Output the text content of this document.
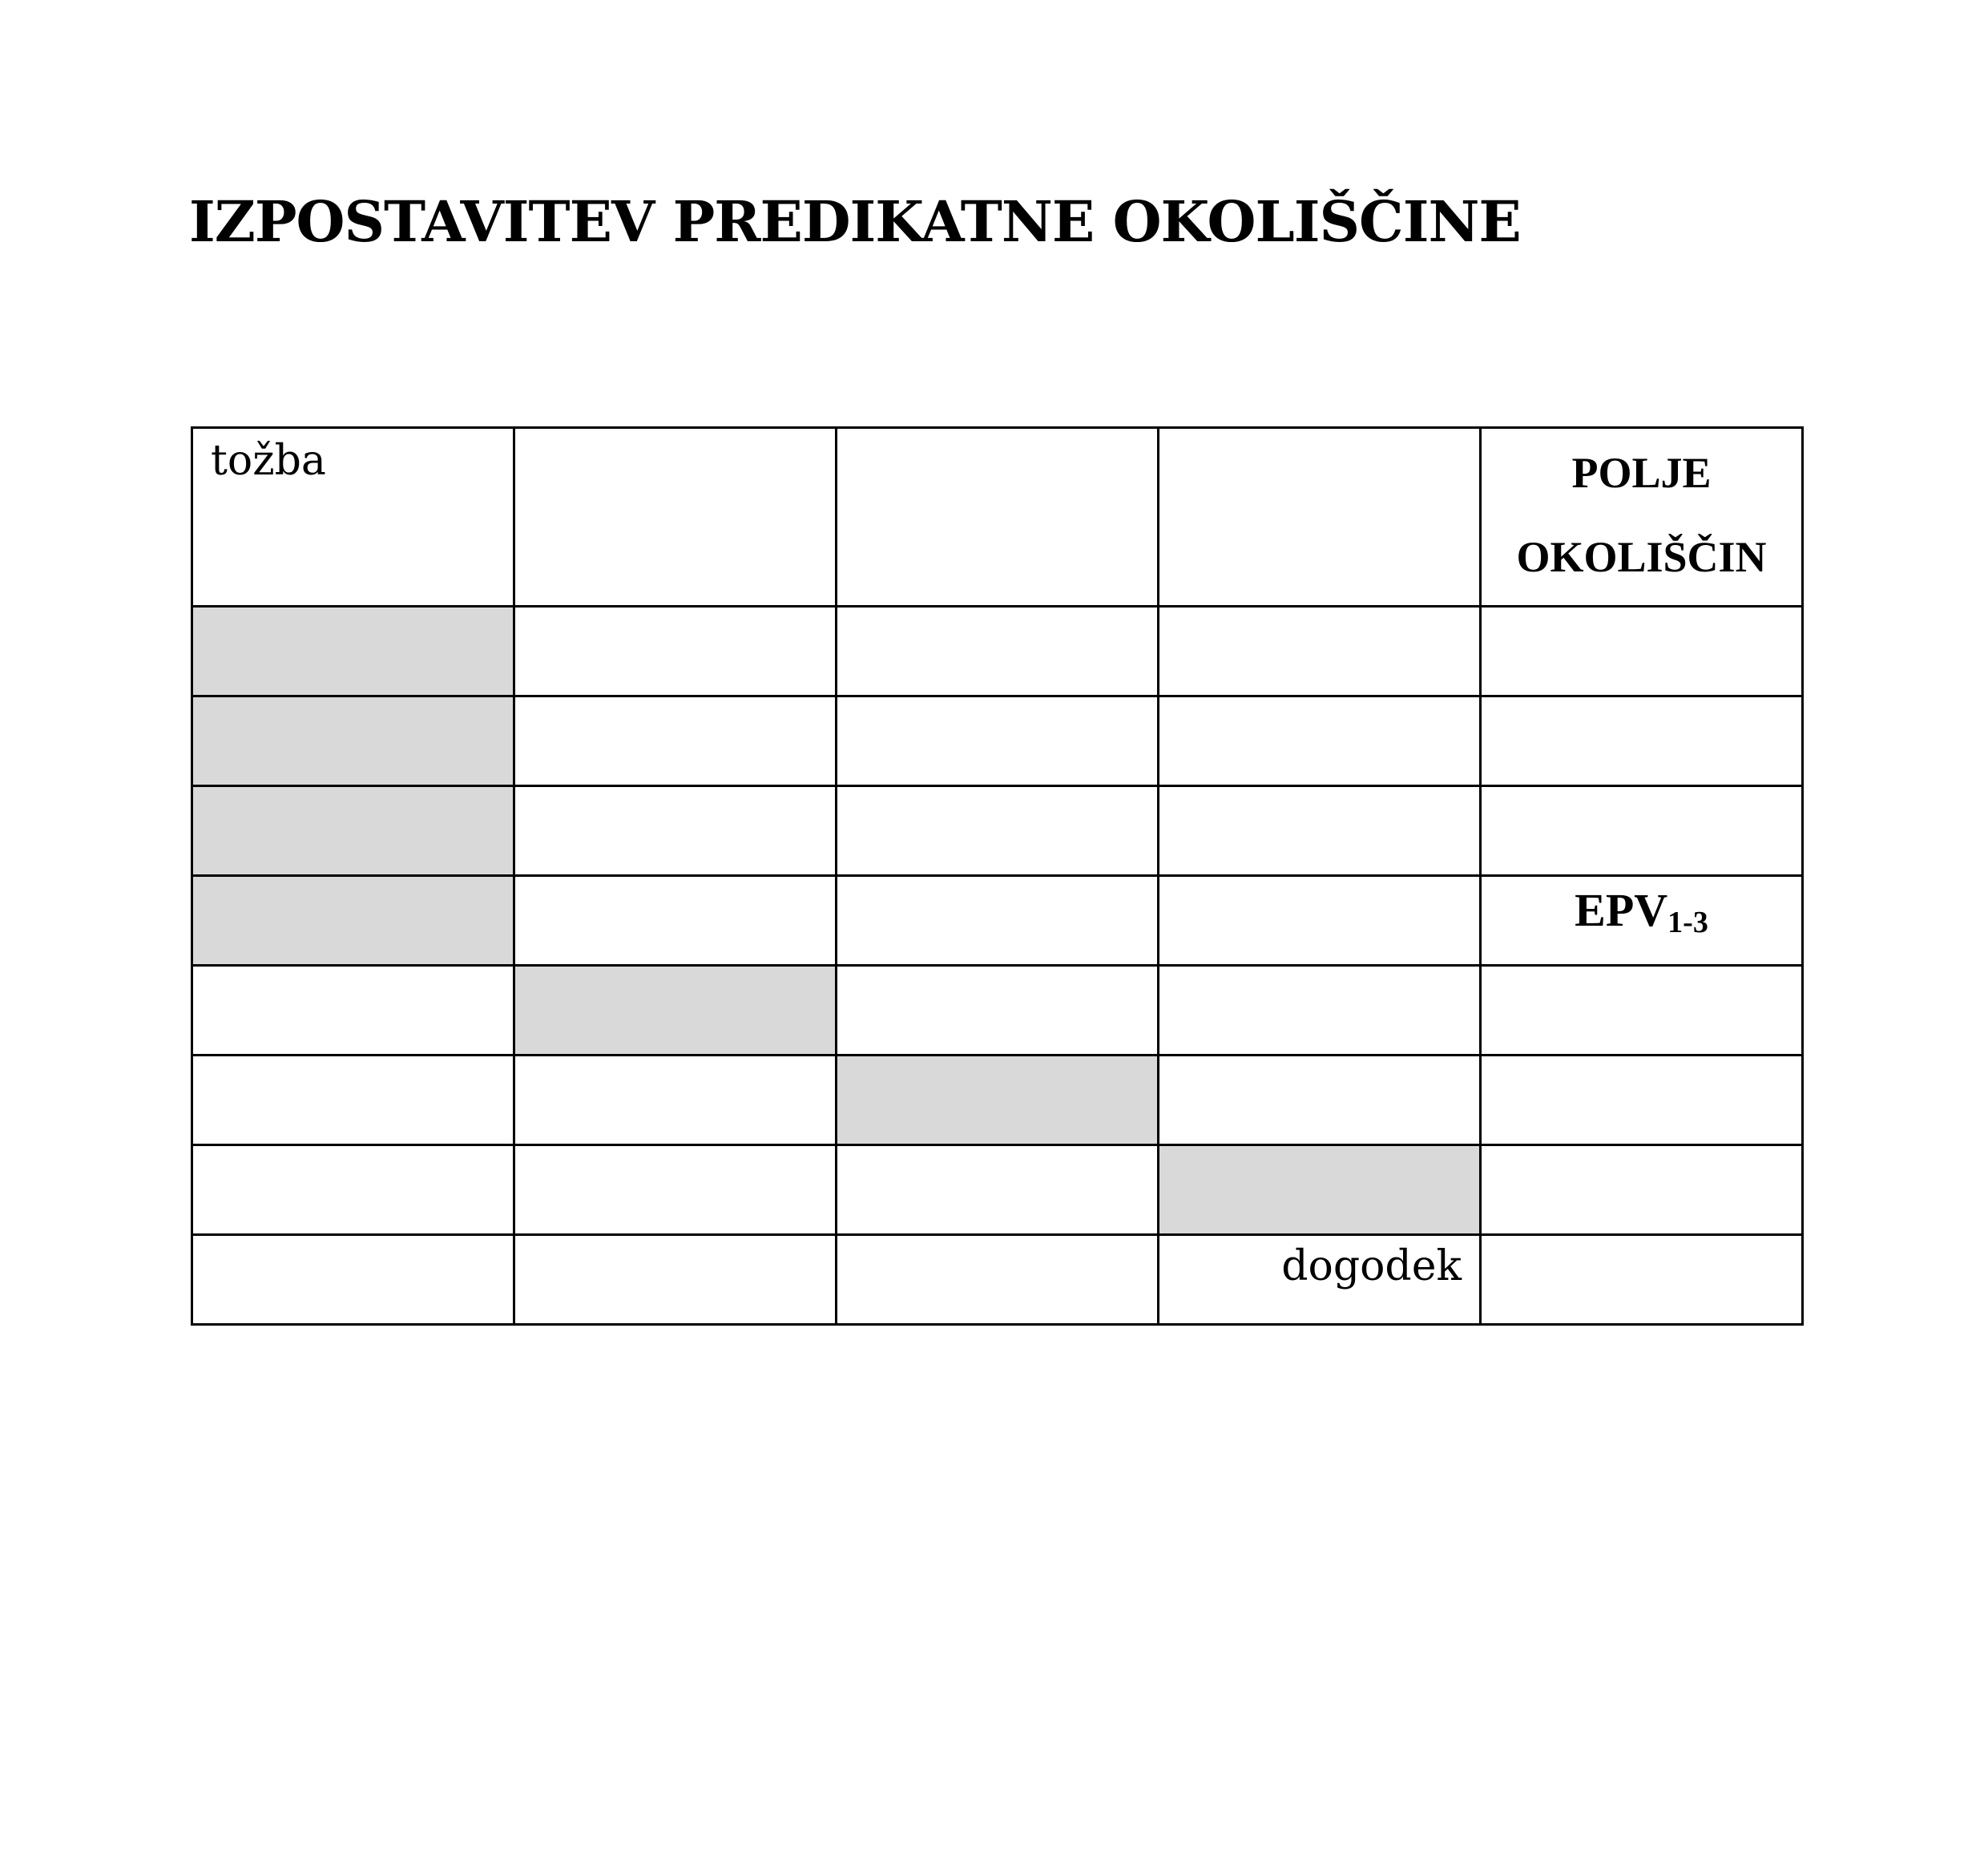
IZPOSTAVITEV PREDIKATNE OKOLIŠČINE
tožba				POLJE
OKOLIŠČIN

				$EPV_{1-3}$

			dogodek	
